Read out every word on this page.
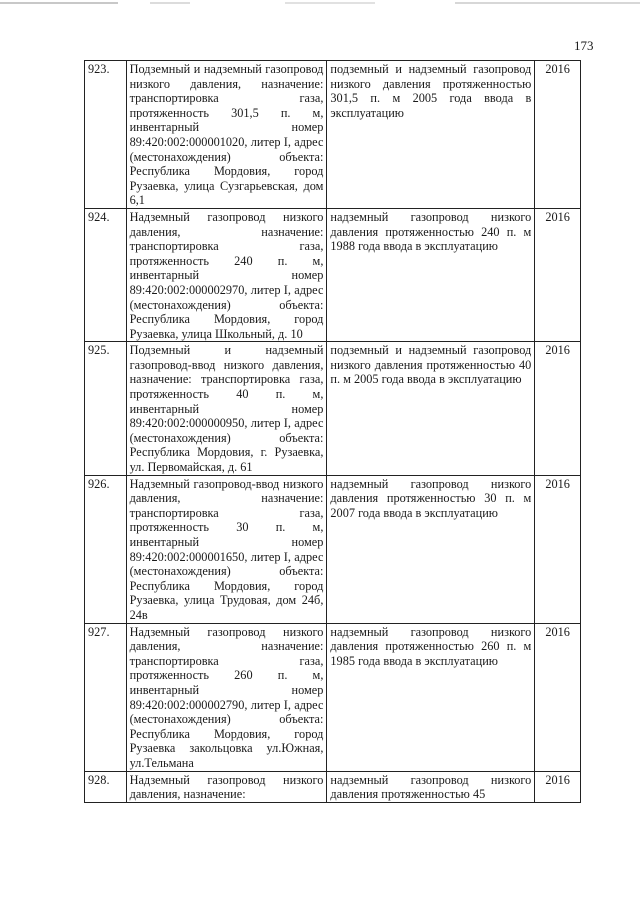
173
923.	Подземный и надземный газопровод низкого давления, назначение: транспортировка газа, протяженность 301,5 п. м, инвентарный номер 89:420:002:000001020, литер I, адрес (местонахождения) объекта: Республика Мордовия, город Рузаевка, улица Сузгарьевская, дом 6,1	подземный и надземный газопровод низкого давления протяженностью 301,5 п. м 2005 года ввода в эксплуатацию	2016
924.	Надземный газопровод низкого давления, назначение: транспортировка газа, протяженность 240 п. м, инвентарный номер 89:420:002:000002970, литер I, адрес (местонахождения) объекта: Республика Мордовия, город Рузаевка, улица Школьный, д. 10	надземный газопровод низкого давления протяженностью 240 п. м 1988 года ввода в эксплуатацию	2016
925.	Подземный и надземный газопровод-ввод низкого давления, назначение: транспортировка газа, протяженность 40 п. м, инвентарный номер 89:420:002:000000950, литер I, адрес (местонахождения) объекта: Республика Мордовия, г. Рузаевка, ул. Первомайская, д. 61	подземный и надземный газопровод низкого давления протяженностью 40 п. м 2005 года ввода в эксплуатацию	2016
926.	Надземный газопровод-ввод низкого давления, назначение: транспортировка газа, протяженность 30 п. м, инвентарный номер 89:420:002:000001650, литер I, адрес (местонахождения) объекта: Республика Мордовия, город Рузаевка, улица Трудовая, дом 24б, 24в	надземный газопровод низкого давления протяженностью 30 п. м 2007 года ввода в эксплуатацию	2016
927.	Надземный газопровод низкого давления, назначение: транспортировка газа, протяженность 260 п. м, инвентарный номер 89:420:002:000002790, литер I, адрес (местонахождения) объекта: Республика Мордовия, город Рузаевка закольцовка ул.Южная, ул.Тельмана	надземный газопровод низкого давления протяженностью 260 п. м 1985 года ввода в эксплуатацию	2016
928.	Надземный газопровод низкого давления, назначение:	надземный газопровод низкого давления протяженностью 45	2016
